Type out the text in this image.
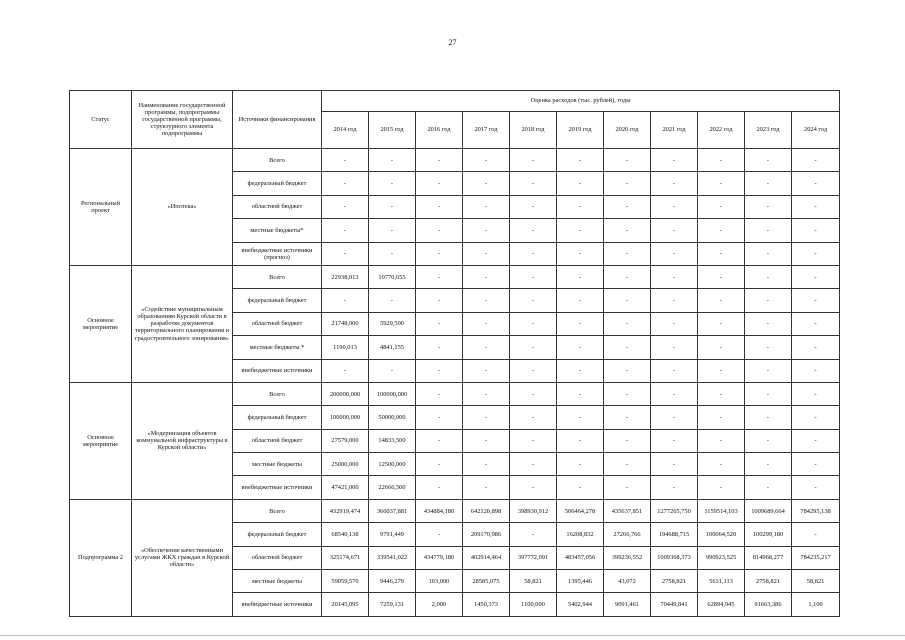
27
Статус	Наименование государственной программы, подпрограммы государственной программы, структурного элемента подпрограммы	Источники финансирования	Оценка расходов (тыс. рублей), годы										
			2014 год	2015 год	2016 год	2017 год	2018 год	2019 год	2020 год	2021 год	2022 год	2023 год	2024 год
Региональный проект	«Ипотека»	Всего	-	-	-	-	-	-	-	-	-	-	-
		федеральный бюджет	-	-	-	-	-	-	-	-	-	-	-
		областной бюджет	-	-	-	-	-	-	-	-	-	-	-
		местные бюджеты*	-	-	-	-	-	-	-	-	-	-	-
		внебюджетные источники (прогноз)	-	-	-	-	-	-	-	-	-	-	-
Основное мероприятие	«Содействие муниципальным образованиям Курской области в разработке документов территориального планирования и градостроительного зонирования»	Всего	22938,013	10770,655	-	-	-	-	-	-	-	-	-
		федеральный бюджет	-	-	-	-	-	-	-	-	-	-	-
		областной бюджет	21748,000	5929,500	-	-	-	-	-	-	-	-	-
		местные бюджеты *	1190,013	4841,155	-	-	-	-	-	-	-	-	-
		внебюджетные источники	-	-	-	-	-	-	-	-	-	-	-
Основное мероприятие	«Модернизация объектов коммунальной инфраструктуры в Курской области»	Всего	200000,000	100000,000	-	-	-	-	-	-	-	-	-
		федеральный бюджет	100000,000	50000,000	-	-	-	-	-	-	-	-	-
		областной бюджет	27579,000	14833,500	-	-	-	-	-	-	-	-	-
		местные бюджеты	25000,000	12500,000	-	-	-	-	-	-	-	-	-
		внебюджетные источники	47421,000	22666,500	-	-	-	-	-	-	-	-	-
Подпрограмма 2	«Обеспечение качественными услугами ЖКХ граждан в Курской области»	Всего	432919,474	366037,881	434884,180	642120,898	398930,912	506464,278	435637,851	1277265,750	1159514,103	1009689,664	784295,138
		федеральный бюджет	68540,138	9791,449	-	209170,986	-	16208,832	27266,766	194688,715	100064,520	100299,180	-
		областной бюджет	325174,671	339541,022	434779,180	402914,464	397772,091	483457,056	399236,552	1009368,373	990923,525	814968,277	784235,217
		местные бюджеты	59059,570	9446,279	103,000	28585,075	58,821	1395,446	43,072	2758,821	5631,113	2758,821	58,821
		внебюджетные источники	20145,095	7259,131	2,000	1450,373	1100,000	5402,944	9091,461	70449,841	62894,945	91663,386	1,100
